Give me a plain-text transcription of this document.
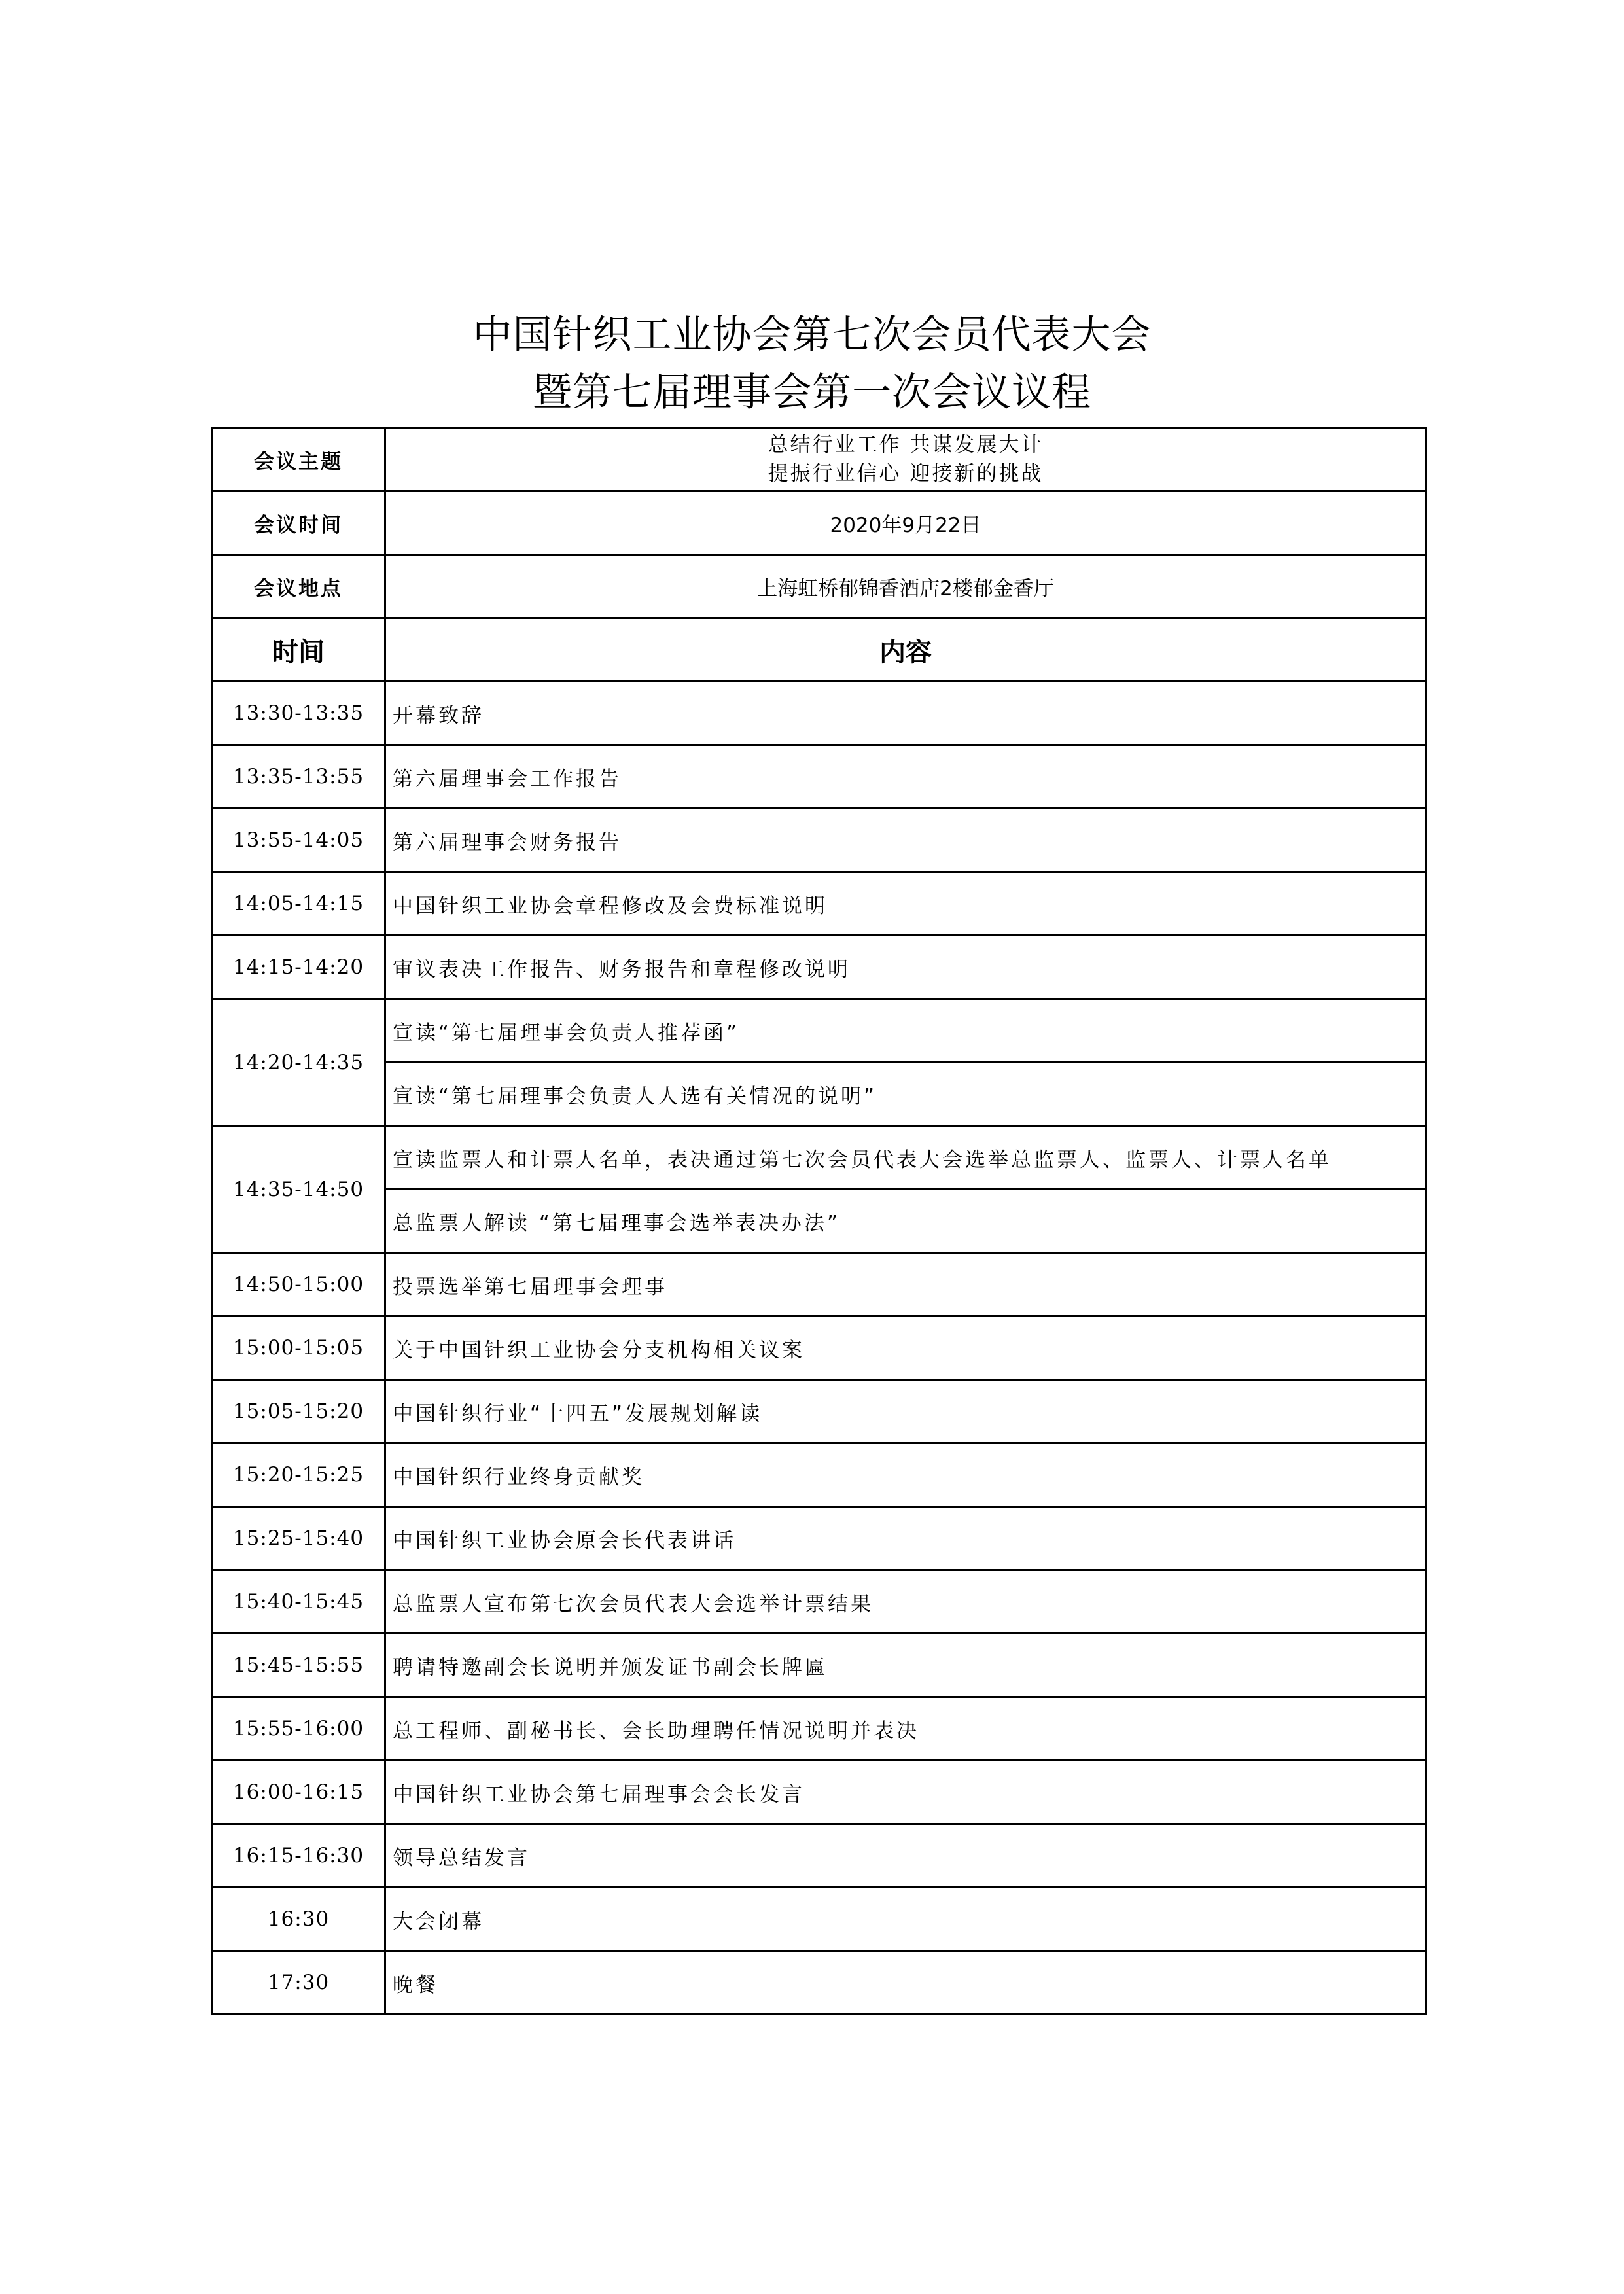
中国针织工业协会第七次会员代表大会
暨第七届理事会第一次会议议程
会议主题	总结行业工作 共谋发展大计
提振行业信心 迎接新的挑战

会议时间	2020年9月22日
会议地点	上海虹桥郁锦香酒店2楼郁金香厅
时间	内容
13:30-13:35	开幕致辞
13:35-13:55	第六届理事会工作报告
13:55-14:05	第六届理事会财务报告
14:05-14:15	中国针织工业协会章程修改及会费标准说明
14:15-14:20	审议表决工作报告、财务报告和章程修改说明
14:20-14:35	宣读“第七届理事会负责人推荐函”
	宣读“第七届理事会负责人人选有关情况的说明”
14:35-14:50	宣读监票人和计票人名单，表决通过第七次会员代表大会选举总监票人、监票人、计票人名单
	总监票人解读 “第七届理事会选举表决办法”
14:50-15:00	投票选举第七届理事会理事
15:00-15:05	关于中国针织工业协会分支机构相关议案
15:05-15:20	中国针织行业“十四五”发展规划解读
15:20-15:25	中国针织行业终身贡献奖
15:25-15:40	中国针织工业协会原会长代表讲话
15:40-15:45	总监票人宣布第七次会员代表大会选举计票结果
15:45-15:55	聘请特邀副会长说明并颁发证书副会长牌匾
15:55-16:00	总工程师、副秘书长、会长助理聘任情况说明并表决
16:00-16:15	中国针织工业协会第七届理事会会长发言
16:15-16:30	领导总结发言
16:30	大会闭幕
17:30	晚餐
